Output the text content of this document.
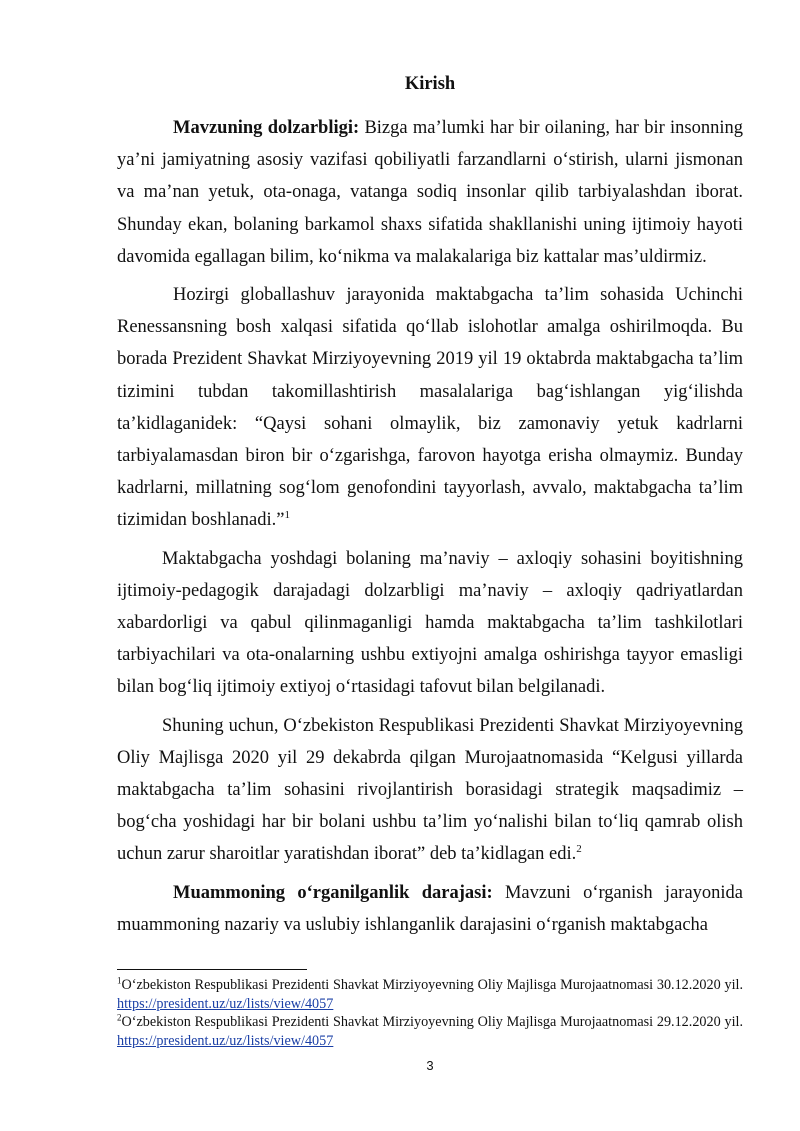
Kirish

Mavzuning dolzarbligi: Bizga ma’lumki har bir oilaning, har bir insonning ya’ni jamiyatning asosiy vazifasi qobiliyatli farzandlarni o‘stirish, ularni jismonan va ma’nan yetuk, ota-onaga, vatanga sodiq insonlar qilib tarbiyalashdan iborat. Shunday ekan, bolaning barkamol shaxs sifatida shakllanishi uning ijtimoiy hayoti davomida egallagan bilim, ko‘nikma va malakalariga biz kattalar mas’uldirmiz.

Hozirgi globallashuv jarayonida maktabgacha ta’lim sohasida Uchinchi Renessansning bosh xalqasi sifatida qo‘llab islohotlar amalga oshirilmoqda. Bu borada Prezident Shavkat Mirziyoyevning 2019 yil 19 oktabrda maktabgacha ta’lim tizimini tubdan takomillashtirish masalalariga bag‘ishlangan yig‘ilishda ta’kidlaganidek: “Qaysi sohani olmaylik, biz zamonaviy yetuk kadrlarni tarbiyalamasdan biron bir o‘zgarishga, farovon hayotga erisha olmaymiz. Bunday kadrlarni, millatning sog‘lom genofondini tayyorlash, avvalo, maktabgacha ta’lim tizimidan boshlanadi.”$^1$

Maktabgacha yoshdagi bolaning ma’naviy – axloqiy sohasini boyitishning ijtimoiy-pedagogik darajadagi dolzarbligi ma’naviy – axloqiy qadriyatlardan xabardorligi va qabul qilinmaganligi hamda maktabgacha ta’lim tashkilotlari tarbiyachilari va ota-onalarning ushbu extiyojni amalga oshirishga tayyor emasligi bilan bog‘liq ijtimoiy extiyoj o‘rtasidagi tafovut bilan belgilanadi.

Shuning uchun, O‘zbekiston Respublikasi Prezidenti Shavkat Mirziyoyevning Oliy Majlisga 2020 yil 29 dekabrda qilgan Murojaatnomasida “Kelgusi yillarda maktabgacha ta’lim sohasini rivojlantirish borasidagi strategik maqsadimiz – bog‘cha yoshidagi har bir bolani ushbu ta’lim yo‘nalishi bilan to‘liq qamrab olish uchun zarur sharoitlar yaratishdan iborat” deb ta’kidlagan edi.$^2$

Muammoning o‘rganilganlik darajasi: Mavzuni o‘rganish jarayonida muammoning nazariy va uslubiy ishlanganlik darajasini o‘rganish maktabgacha

$^1$O‘zbekiston Respublikasi Prezidenti Shavkat Mirziyoyevning Oliy Majlisga Murojaatnomasi 30.12.2020 yil. https://president.uz/uz/lists/view/4057

$^2$O‘zbekiston Respublikasi Prezidenti Shavkat Mirziyoyevning Oliy Majlisga Murojaatnomasi 29.12.2020 yil. https://president.uz/uz/lists/view/4057

3
